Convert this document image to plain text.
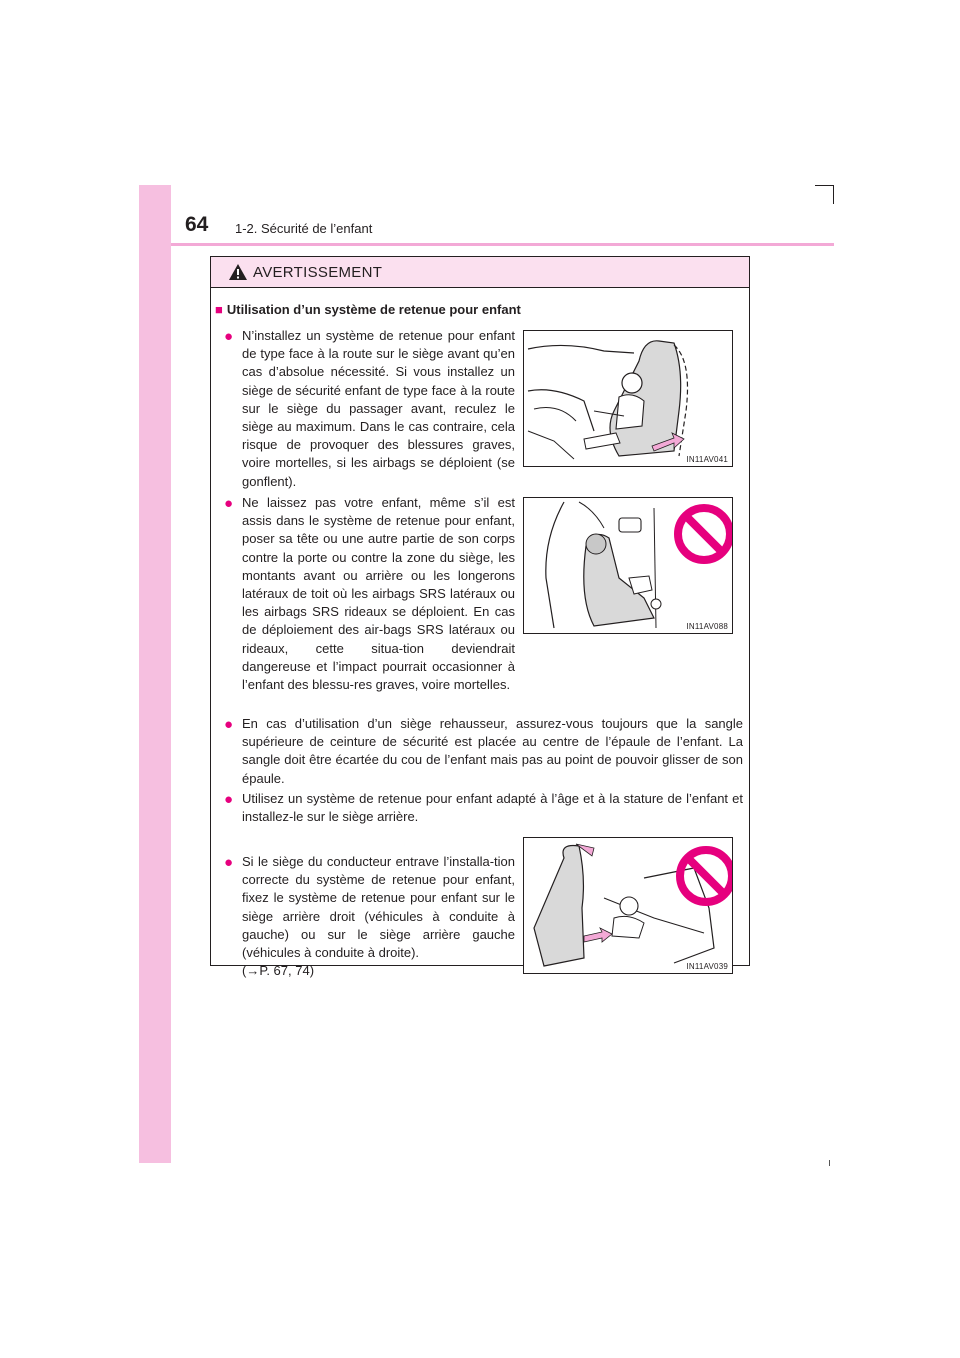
64 1-2. Sécurité de l’enfant
AVERTISSEMENT
■ Utilisation d’un système de retenue pour enfant
● N’installez un système de retenue pour enfant de type face à la route sur le siège avant qu’en cas d’absolue nécessité. Si vous installez un siège de sécurité enfant de type face à la route sur le siège du passager avant, reculez le siège au maximum. Dans le cas contraire, cela risque de provoquer des blessures graves, voire mortelles, si les airbags se déploient (se gonflent).
IN11AV041
● Ne laissez pas votre enfant, même s’il est assis dans le système de retenue pour enfant, poser sa tête ou une autre partie de son corps contre la porte ou contre la zone du siège, les montants avant ou arrière ou les longerons latéraux de toit où les airbags SRS latéraux ou les airbags SRS rideaux se déploient. En cas de déploiement des air-bags SRS latéraux ou rideaux, cette situa-tion deviendrait dangereuse et l’impact pourrait occasionner à l’enfant des blessu-res graves, voire mortelles.
IN11AV088
● En cas d’utilisation d’un siège rehausseur, assurez-vous toujours que la sangle supérieure de ceinture de sécurité est placée au centre de l’épaule de l’enfant. La sangle doit être écartée du cou de l’enfant mais pas au point de pouvoir glisser de son épaule.
● Utilisez un système de retenue pour enfant adapté à l’âge et à la stature de l’enfant et installez-le sur le siège arrière.
● Si le siège du conducteur entrave l’installa-tion correcte du système de retenue pour enfant, fixez le système de retenue pour enfant sur le siège arrière droit (véhicules à conduite à gauche) ou sur le siège arrière gauche (véhicules à conduite à droite).
(→P. 67, 74)	IN11AV039
